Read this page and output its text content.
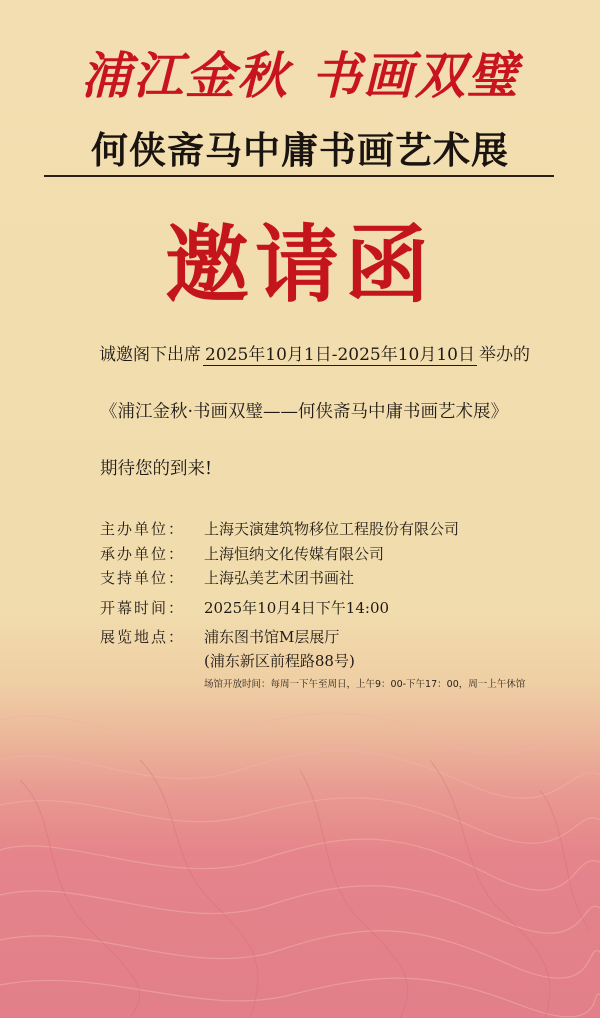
浦江金秋 书画双璧
何侠斋马中庸书画艺术展
邀请函
诚邀阁下出席 2025年10月1日-2025年10月10日 举办的
《浦江金秋·书画双璧——何侠斋马中庸书画艺术展》
期待您的到来!
主办单位： 上海天演建筑物移位工程股份有限公司
承办单位： 上海恒纳文化传媒有限公司
支持单位： 上海弘美艺术团书画社
开幕时间： 2025年10月4日下午14:00
展览地点： 浦东图书馆M层展厅
(浦东新区前程路88号)
场馆开放时间：每周一下午至周日，上午9：00-下午17：00，周一上午休馆
